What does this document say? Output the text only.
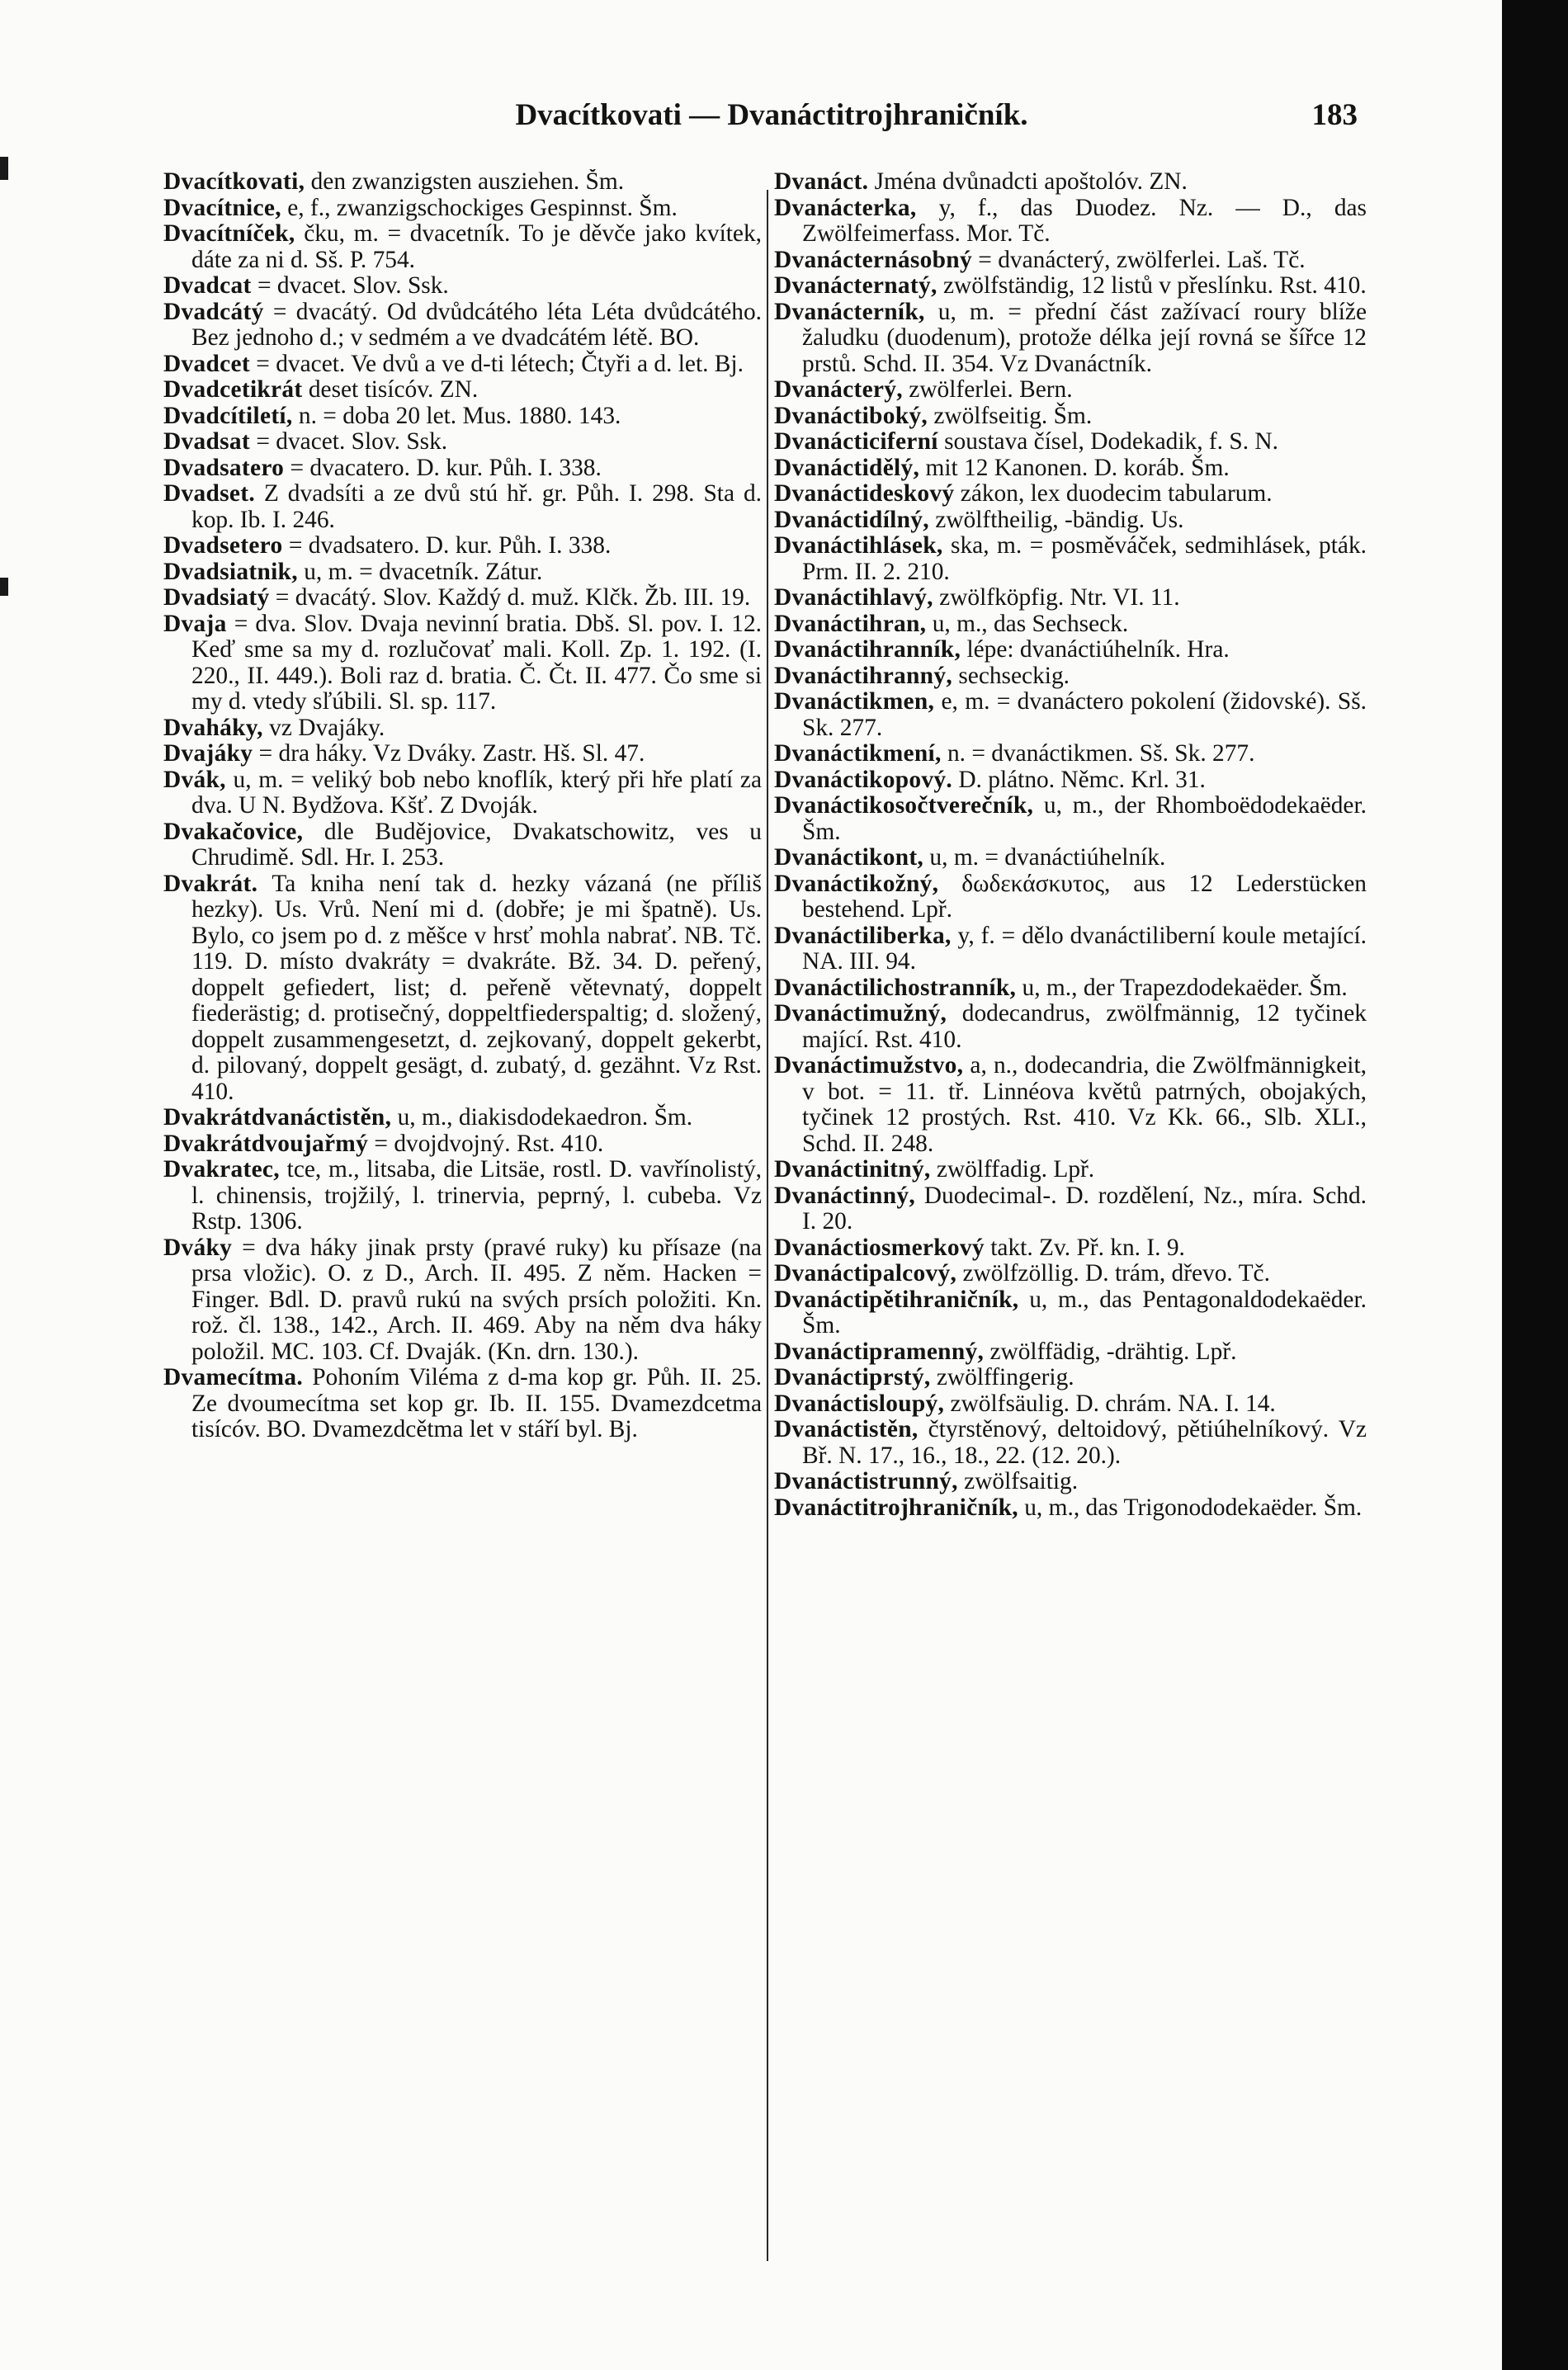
Dvacítkovati — Dvanáctitrojhraničník.	183

Dvacítkovati, den zwanzigsten ausziehen. Šm.

Dvacítnice, e, f., zwanzigschockiges Gespinnst. Šm.

Dvacítníček, čku, m. = dvacetník. To je děvče jako kvítek, dáte za ni d. Sš. P. 754.

Dvadcat = dvacet. Slov. Ssk.

Dvadcátý = dvacátý. Od dvůdcátého léta Léta dvůdcátého. Bez jednoho d.; v sedmém a ve dvadcátém létě. BO.

Dvadcet = dvacet. Ve dvů a ve d-ti létech; Čtyři a d. let. Bj.

Dvadcetikrát deset tisícóv. ZN.

Dvadcítiletí, n. = doba 20 let. Mus. 1880. 143.

Dvadsat = dvacet. Slov. Ssk.

Dvadsatero = dvacatero. D. kur. Půh. I. 338.

Dvadset. Z dvadsíti a ze dvů stú hř. gr. Půh. I. 298. Sta d. kop. Ib. I. 246.

Dvadsetero = dvadsatero. D. kur. Půh. I. 338.

Dvadsiatnik, u, m. = dvacetník. Zátur.

Dvadsiatý = dvacátý. Slov. Každý d. muž. Klčk. Žb. III. 19.

Dvaja = dva. Slov. Dvaja nevinní bratia. Dbš. Sl. pov. I. 12. Keď sme sa my d. rozlučovať mali. Koll. Zp. 1. 192. (I. 220., II. 449.). Boli raz d. bratia. Č. Čt. II. 477. Čo sme si my d. vtedy sľúbili. Sl. sp. 117.

Dvaháky, vz Dvajáky.

Dvajáky = dra háky. Vz Dváky. Zastr. Hš. Sl. 47.

Dvák, u, m. = veliký bob nebo knoflík, který při hře platí za dva. U N. Bydžova. Kšť. Z Dvoják.

Dvakačovice, dle Budějovice, Dvakatschowitz, ves u Chrudimě. Sdl. Hr. I. 253.

Dvakrát. Ta kniha není tak d. hezky vázaná (ne příliš hezky). Us. Vrů. Není mi d. (dobře; je mi špatně). Us. Bylo, co jsem po d. z měšce v hrsť mohla nabrať. NB. Tč. 119. D. místo dvakráty = dvakráte. Bž. 34. D. peřený, doppelt gefiedert, list; d. peřeně větevnatý, doppelt fiederästig; d. protisečný, doppeltfiederspaltig; d. složený, doppelt zusammengesetzt, d. zejkovaný, doppelt gekerbt, d. pilovaný, doppelt gesägt, d. zubatý, d. gezähnt. Vz Rst. 410.

Dvakrátdvanáctistěn, u, m., diakisdodekaedron. Šm.

Dvakrátdvoujařmý = dvojdvojný. Rst. 410.

Dvakratec, tce, m., litsaba, die Litsäe, rostl. D. vavřínolistý, l. chinensis, trojžilý, l. trinervia, peprný, l. cubeba. Vz Rstp. 1306.

Dváky = dva háky jinak prsty (pravé ruky) ku přísaze (na prsa vložic). O. z D., Arch. II. 495. Z něm. Hacken = Finger. Bdl. D. pravů rukú na svých prsích položiti. Kn. rož. čl. 138., 142., Arch. II. 469. Aby na něm dva háky položil. MC. 103. Cf. Dvaják. (Kn. drn. 130.).

Dvamecítma. Pohoním Viléma z d-ma kop gr. Půh. II. 25. Ze dvoumecítma set kop gr. Ib. II. 155. Dvamezdcetma tisícóv. BO. Dvamezdcětma let v stáří byl. Bj.

Dvanáct. Jména dvůnadcti apoštolóv. ZN.

Dvanácterka, y, f., das Duodez. Nz. — D., das Zwölfeimerfass. Mor. Tč.

Dvanácternásobný = dvanácterý, zwölferlei. Laš. Tč.

Dvanácternatý, zwölfständig, 12 listů v přeslínku. Rst. 410.

Dvanácterník, u, m. = přední část zažívací roury blíže žaludku (duodenum), protože délka její rovná se šířce 12 prstů. Schd. II. 354. Vz Dvanáctník.

Dvanácterý, zwölferlei. Bern.

Dvanáctiboký, zwölfseitig. Šm.

Dvanácticiferní soustava čísel, Dodekadik, f. S. N.

Dvanáctidělý, mit 12 Kanonen. D. koráb. Šm.

Dvanáctideskový zákon, lex duodecim tabularum.

Dvanáctidílný, zwölftheilig, -bändig. Us.

Dvanáctihlásek, ska, m. = posměváček, sedmihlásek, pták. Prm. II. 2. 210.

Dvanáctihlavý, zwölfköpfig. Ntr. VI. 11.

Dvanáctihran, u, m., das Sechseck.

Dvanáctihranník, lépe: dvanáctiúhelník. Hra.

Dvanáctihranný, sechseckig.

Dvanáctikmen, e, m. = dvanáctero pokolení (židovské). Sš. Sk. 277.

Dvanáctikmení, n. = dvanáctikmen. Sš. Sk. 277.

Dvanáctikopový. D. plátno. Němc. Krl. 31.

Dvanáctikosočtverečník, u, m., der Rhomboëdodekaëder. Šm.

Dvanáctikont, u, m. = dvanáctiúhelník.

Dvanáctikožný, δωδεκάσκυτος, aus 12 Lederstücken bestehend. Lpř.

Dvanáctiliberka, y, f. = dělo dvanáctiliberní koule metající. NA. III. 94.

Dvanáctilichostranník, u, m., der Trapezdodekaëder. Šm.

Dvanáctimužný, dodecandrus, zwölfmännig, 12 tyčinek mající. Rst. 410.

Dvanáctimužstvo, a, n., dodecandria, die Zwölfmännigkeit, v bot. = 11. tř. Linnéova květů patrných, obojakých, tyčinek 12 prostých. Rst. 410. Vz Kk. 66., Slb. XLI., Schd. II. 248.

Dvanáctinitný, zwölffadig. Lpř.

Dvanáctinný, Duodecimal-. D. rozdělení, Nz., míra. Schd. I. 20.

Dvanáctiosmerkový takt. Zv. Př. kn. I. 9.

Dvanáctipalcový, zwölfzöllig. D. trám, dřevo. Tč.

Dvanáctipětihraničník, u, m., das Pentagonaldodekaëder. Šm.

Dvanáctipramenný, zwölffädig, -drähtig. Lpř.

Dvanáctiprstý, zwölffingerig.

Dvanáctisloupý, zwölfsäulig. D. chrám. NA. I. 14.

Dvanáctistěn, čtyrstěnový, deltoidový, pětiúhelníkový. Vz Bř. N. 17., 16., 18., 22. (12. 20.).

Dvanáctistrunný, zwölfsaitig.

Dvanáctitrojhraničník, u, m., das Trigonododekaëder. Šm.
